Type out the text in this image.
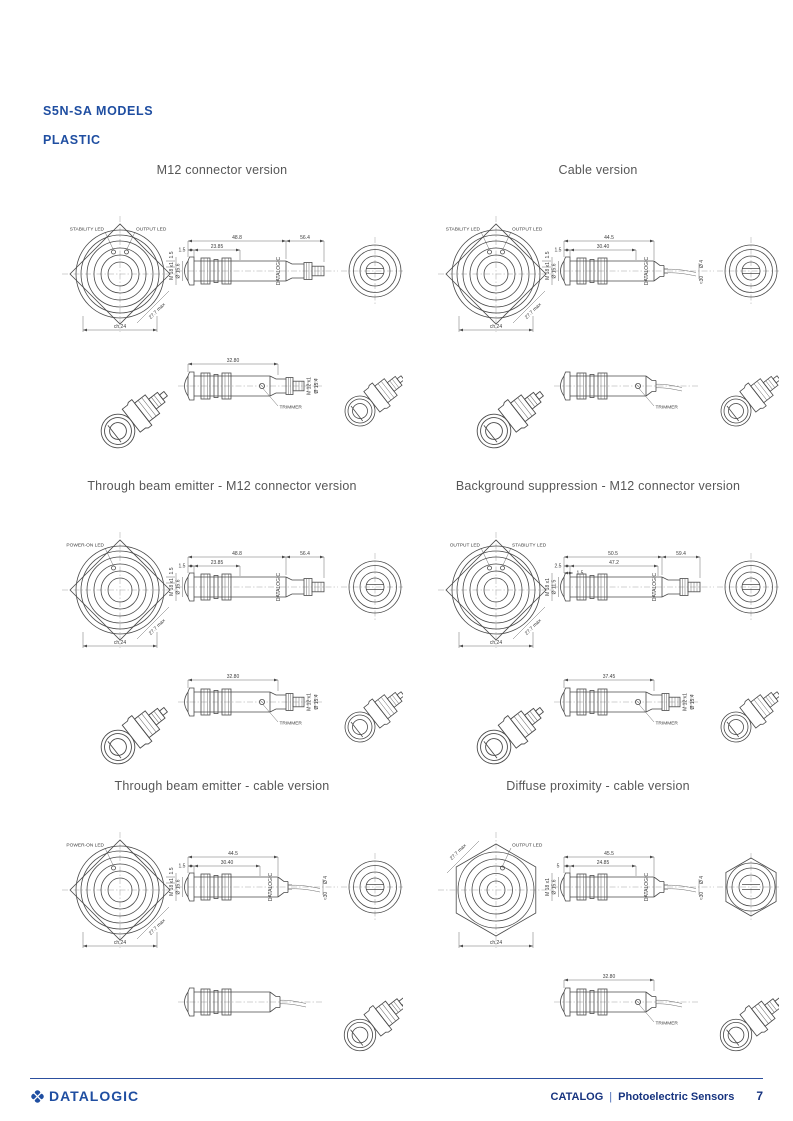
S5N-SA MODELS
PLASTIC
M12 connector version
STABILITY LED	OUTPUT LED
27.7 max
ch.24
1.5
DATALOGIC
48.8	56.4
1.5
23.85
Ø 15.6
M 18 x1
TRIMMER
M 12 x1 Ø 15.4
32.80
Cable version
STABILITY LED	OUTPUT LED
27.7 max
ch.24
1.5
DATALOGIC	Ø 4
≈30
44.5
1.5
30.40
Ø 15.6
M 18 x1
TRIMMER
Through beam emitter - M12 connector version
POWER-ON LED
27.7 max
ch.24
1.5
DATALOGIC
48.8	56.4
1.5
23.85
Ø 15.6
M 18 x1
TRIMMER
M 12 x1 Ø 15.4
32.80
Background suppression - M12 connector version
OUTPUT LED	STABILITY LED
27.7 max
ch.24
DATALOGIC
50.5	59.4
2.5
47.2
1.5
Ø 11.5
M 18 x1
TRIMMER
M 12 x1 Ø 15.4
37.45
Through beam emitter - cable version
POWER-ON LED
27.7 max
ch.24
1.5
DATALOGIC	Ø 4
≈30
44.5
1.5
30.40
Ø 15.6
M 18 x1
Diffuse proximity - cable version
OUTPUT LED
27.7 max
ch.24
DATALOGIC	Ø 4
≈30
45.5
5
24.85
Ø 15.6
M 18 x1
TRIMMER
32.80
DATALOGIC	CATALOG | Photoelectric Sensors 7
